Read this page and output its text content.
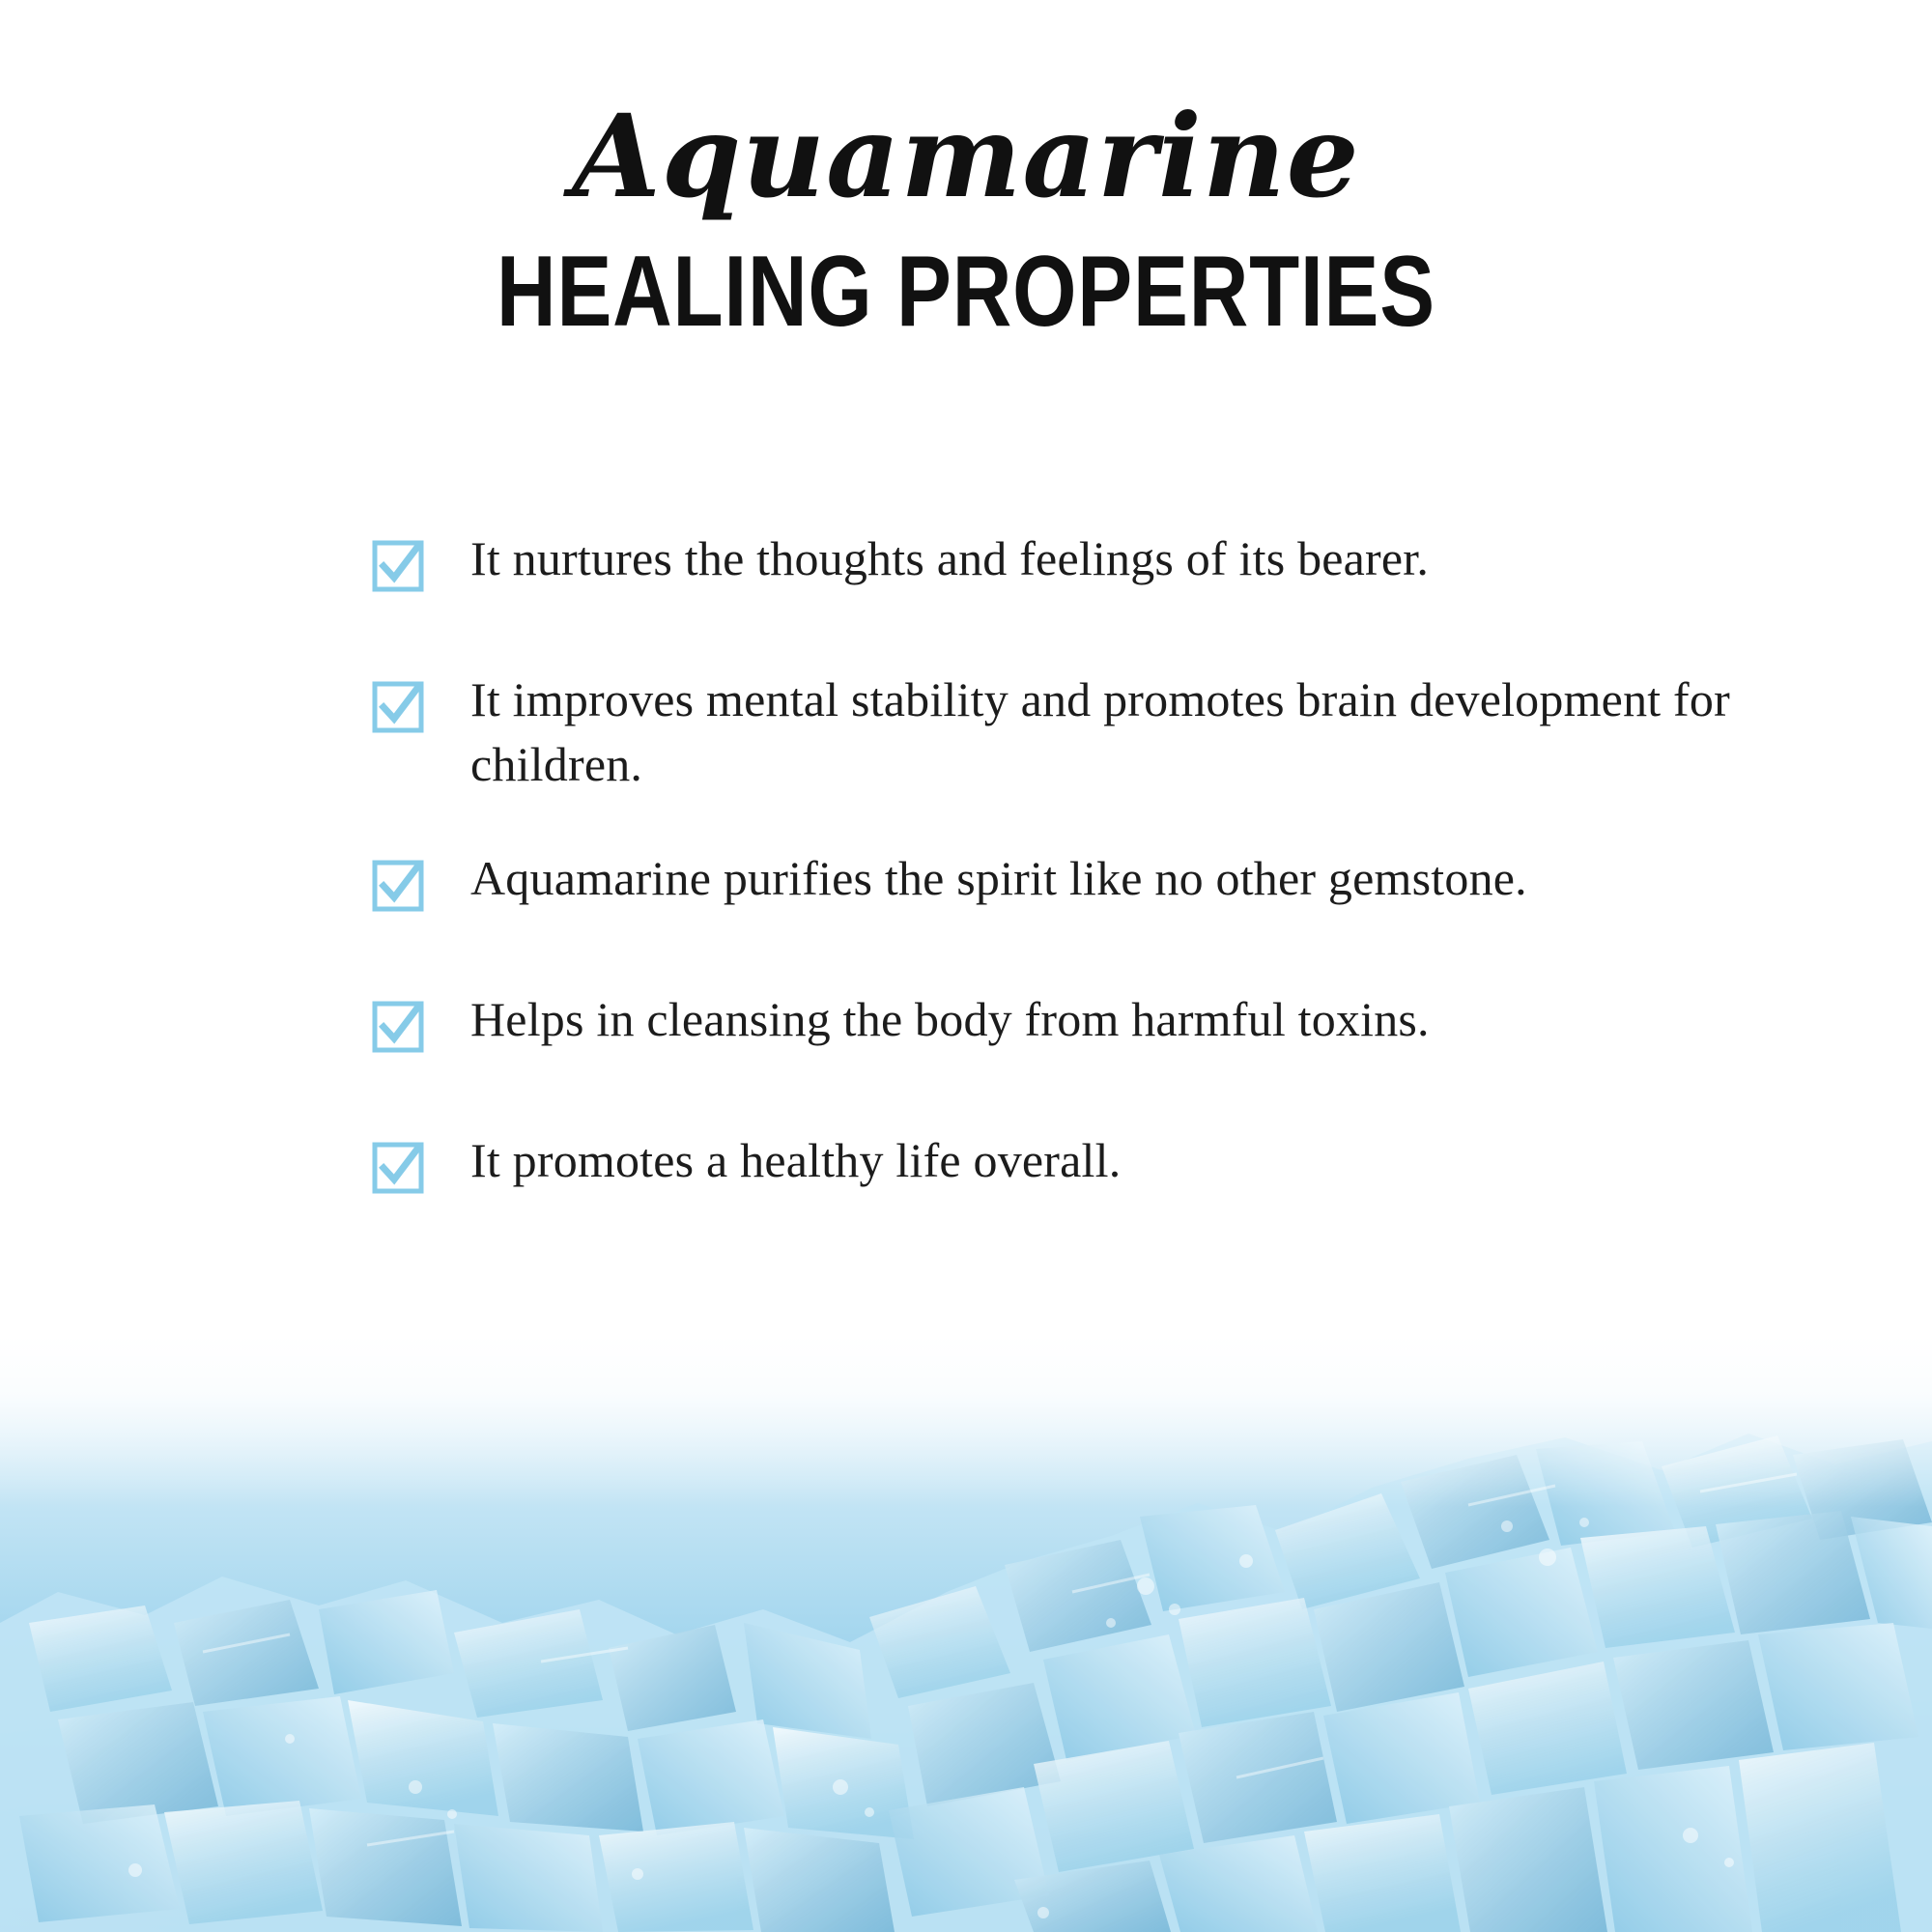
Aquamarine
HEALING PROPERTIES
It nurtures the thoughts and feelings of its bearer.
It improves mental stability and promotes brain development for children.
Aquamarine purifies the spirit like no other gemstone.
Helps in cleansing the body from harmful toxins.
It promotes a healthy life overall.
